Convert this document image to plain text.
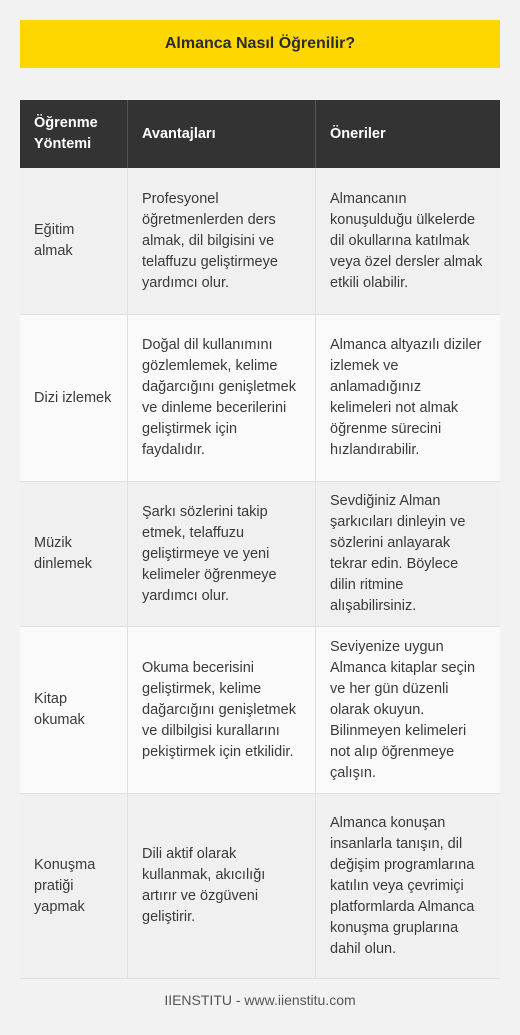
Almanca Nasıl Öğrenilir?
Öğrenme Yöntemi
Avantajları	Öneriler
Eğitim almak
Profesyonel öğretmenlerden ders almak, dil bilgisini ve telaffuzu geliştirmeye yardımcı olur.
Almancanın konuşulduğu ülkelerde dil okullarına katılmak veya özel dersler almak etkili olabilir.
Dizi izlemek
Doğal dil kullanımını gözlemlemek, kelime dağarcığını genişletmek ve dinleme becerilerini geliştirmek için faydalıdır.
Almanca altyazılı diziler izlemek ve anlamadığınız kelimeleri not almak öğrenme sürecini hızlandırabilir.
Müzik dinlemek
Şarkı sözlerini takip etmek, telaffuzu geliştirmeye ve yeni kelimeler öğrenmeye yardımcı olur.
Sevdiğiniz Alman şarkıcıları dinleyin ve sözlerini anlayarak tekrar edin. Böylece dilin ritmine alışabilirsiniz.
Kitap okumak
Okuma becerisini geliştirmek, kelime dağarcığını genişletmek ve dilbilgisi kurallarını pekiştirmek için etkilidir.
Seviyenize uygun Almanca kitaplar seçin ve her gün düzenli olarak okuyun. Bilinmeyen kelimeleri not alıp öğrenmeye çalışın.
Konuşma pratiği yapmak
Dili aktif olarak kullanmak, akıcılığı artırır ve özgüveni geliştirir.
Almanca konuşan insanlarla tanışın, dil değişim programlarına katılın veya çevrimiçi platformlarda Almanca konuşma gruplarına dahil olun.
IIENSTITU - www.iienstitu.com
